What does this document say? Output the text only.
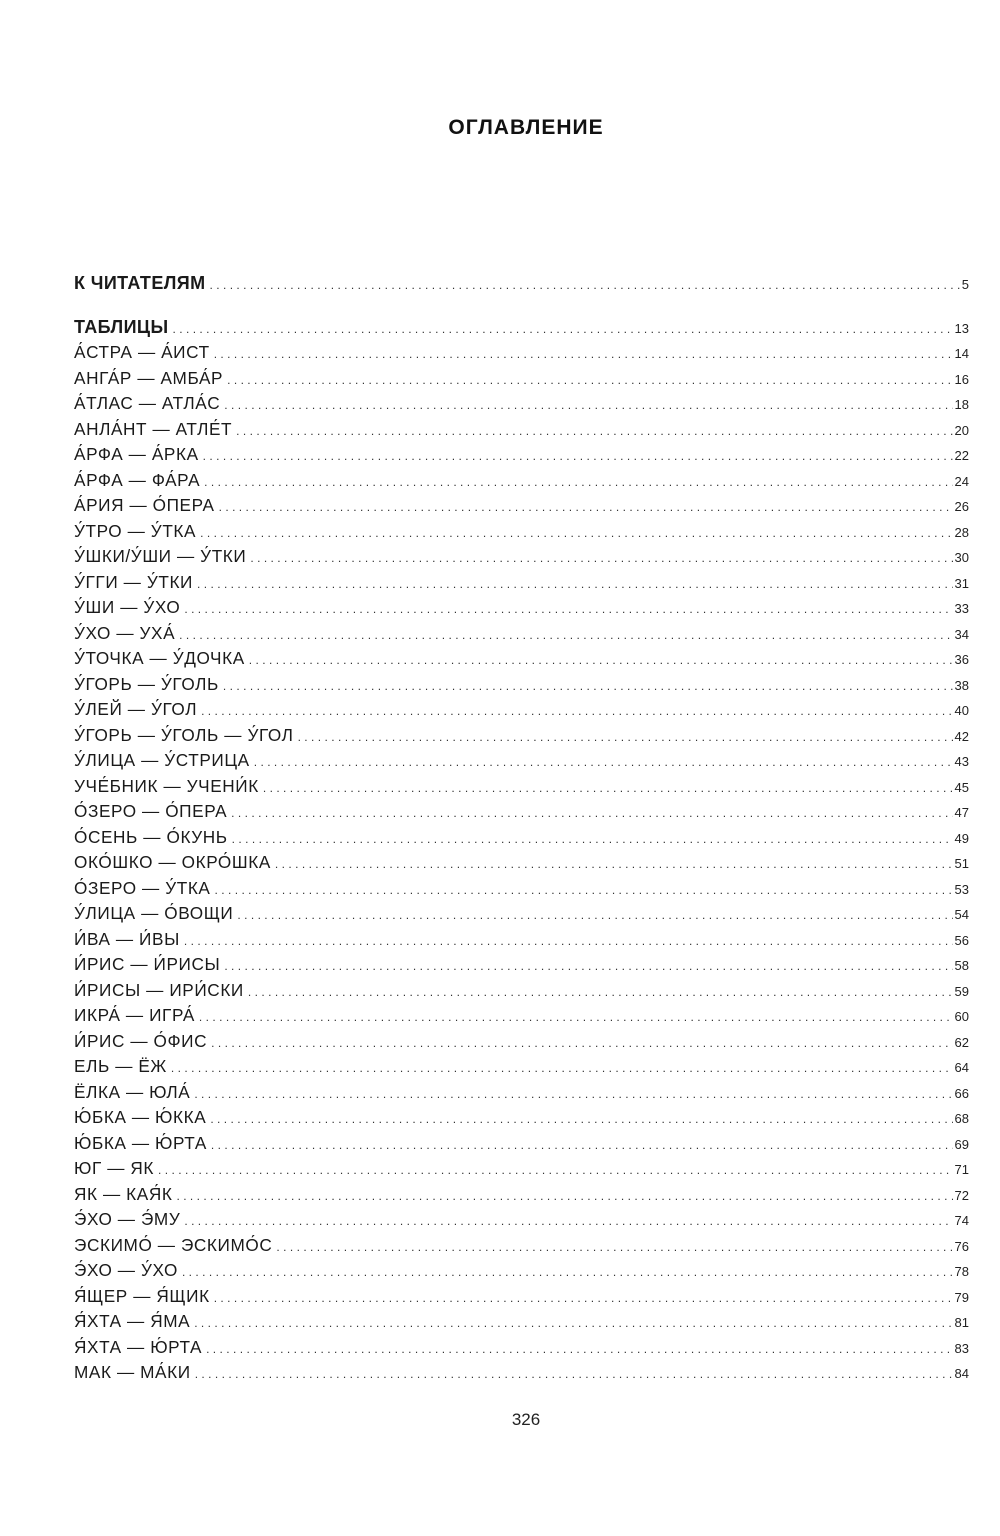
ОГЛАВЛЕНИЕ
К ЧИТАТЕЛЯМ .....	5
ТАБЛИЦЫ .....	13
А́СТРА — А́ИСТ .....	14
АНГА́Р — АМБА́Р .....	16
А́ТЛАС — АТЛА́С .....	18
АНЛА́НТ — АТЛЕ́Т .....	20
А́РФА — А́РКА .....	22
А́РФА — ФА́РА .....	24
А́РИЯ — О́ПЕРА .....	26
У́ТРО — У́ТКА .....	28
У́ШКИ/У́ШИ — У́ТКИ .....	30
У́ГГИ — У́ТКИ .....	31
У́ШИ — У́ХО .....	33
У́ХО — УХА́ .....	34
У́ТОЧКА — У́ДОЧКА .....	36
У́ГОРЬ — У́ГОЛЬ .....	38
У́ЛЕЙ — У́ГОЛ .....	40
У́ГОРЬ — У́ГОЛЬ — У́ГОЛ .....	42
У́ЛИЦА — У́СТРИЦА .....	43
УЧЕ́БНИК — УЧЕНИ́К .....	45
О́ЗЕРО — О́ПЕРА .....	47
О́СЕНЬ — О́КУНЬ .....	49
ОКО́ШКО — ОКРО́ШКА .....	51
О́ЗЕРО — У́ТКА .....	53
У́ЛИЦА — О́ВОЩИ .....	54
И́ВА — И́ВЫ .....	56
И́РИС — И́РИСЫ .....	58
И́РИСЫ — ИРИ́СКИ .....	59
ИКРА́ — ИГРА́ .....	60
И́РИС — О́ФИС .....	62
ЕЛЬ — ЁЖ .....	64
ЁЛКА — ЮЛА́ .....	66
Ю́БКА — Ю́ККА .....	68
Ю́БКА — Ю́РТА .....	69
ЮГ — ЯК .....	71
ЯК — КАЯ́К .....	72
Э́ХО — Э́МУ .....	74
ЭСКИМО́ — ЭСКИМО́С .....	76
Э́ХО — У́ХО .....	78
Я́ЩЕР — Я́ЩИК .....	79
Я́ХТА — Я́МА .....	81
Я́ХТА — Ю́РТА .....	83
МАК — МА́КИ .....	84
326
